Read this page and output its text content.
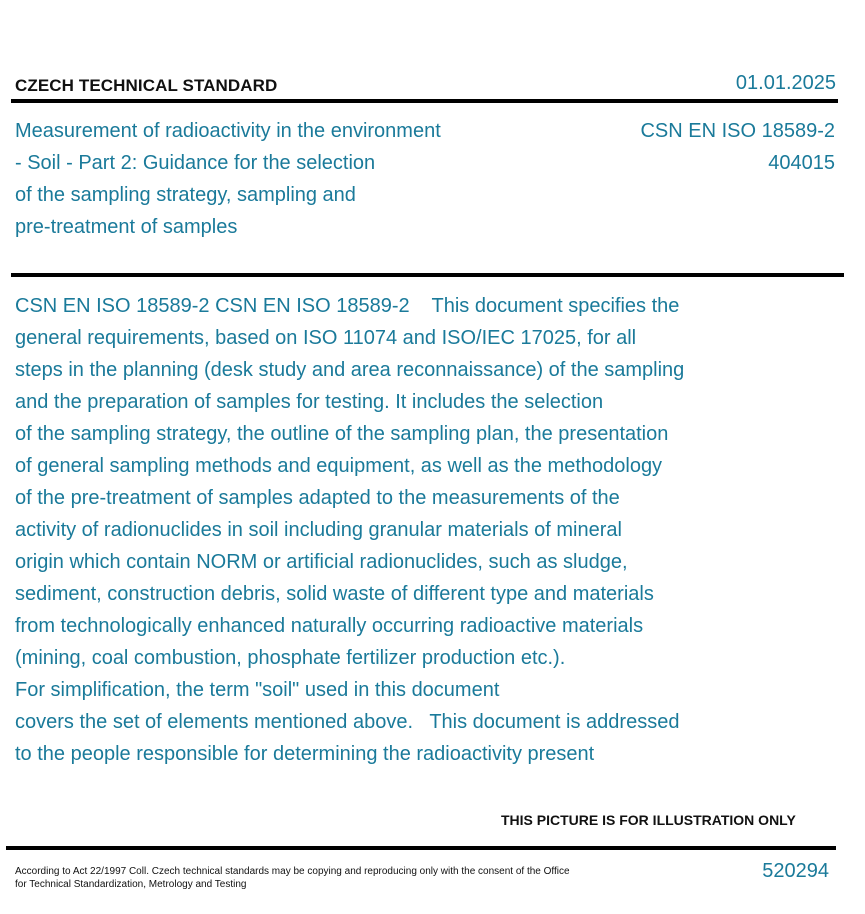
CZECH TECHNICAL STANDARD	01.01.2025
Measurement of radioactivity in the environment
- Soil - Part 2: Guidance for the selection
of the sampling strategy, sampling and
pre-treatment of samples
CSN EN ISO 18589-2
404015
CSN EN ISO 18589-2 CSN EN ISO 18589-2    This document specifies the
general requirements, based on ISO 11074 and ISO/IEC 17025, for all
steps in the planning (desk study and area reconnaissance) of the sampling
and the preparation of samples for testing. It includes the selection
of the sampling strategy, the outline of the sampling plan, the presentation
of general sampling methods and equipment, as well as the methodology
of the pre-treatment of samples adapted to the measurements of the
activity of radionuclides in soil including granular materials of mineral
origin which contain NORM or artificial radionuclides, such as sludge,
sediment, construction debris, solid waste of different type and materials
from technologically enhanced naturally occurring radioactive materials
(mining, coal combustion, phosphate fertilizer production etc.).
For simplification, the term "soil" used in this document
covers the set of elements mentioned above.   This document is addressed
to the people responsible for determining the radioactivity present
THIS PICTURE IS FOR ILLUSTRATION ONLY
According to Act 22/1997 Coll. Czech technical standards may be copying and reproducing only with the consent of the Office
for Technical Standardization, Metrology and Testing
520294
